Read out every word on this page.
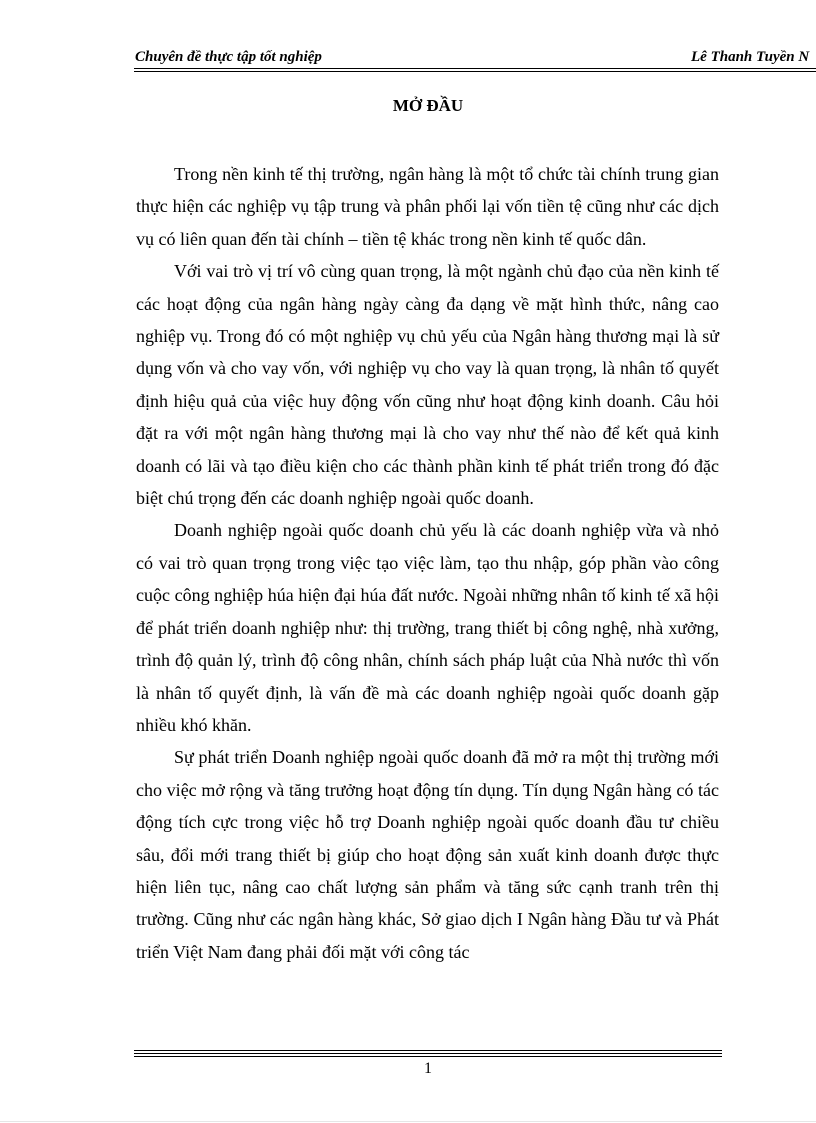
Chuyên đề thực tập tốt nghiệp	Lê Thanh Tuyền N
MỞ ĐẦU

Trong nền kinh tế thị trường, ngân hàng là một tổ chức tài chính trung gian thực hiện các nghiệp vụ tập trung và phân phối lại vốn tiền tệ cũng như các dịch vụ có liên quan đến tài chính – tiền tệ khác trong nền kinh tế quốc dân.

Với vai trò vị trí vô cùng quan trọng, là một ngành chủ đạo của nền kinh tế các hoạt động của ngân hàng ngày càng đa dạng về mặt hình thức, nâng cao nghiệp vụ. Trong đó có một nghiệp vụ chủ yếu của Ngân hàng thương mại là sử dụng vốn và cho vay vốn, với nghiệp vụ cho vay là quan trọng, là nhân tố quyết định hiệu quả của việc huy động vốn cũng như hoạt động kinh doanh. Câu hỏi đặt ra với một ngân hàng thương mại là cho vay như thế nào để kết quả kinh doanh có lãi và tạo điều kiện cho các thành phần kinh tế phát triển trong đó đặc biệt chú trọng đến các doanh nghiệp ngoài quốc doanh.

Doanh nghiệp ngoài quốc doanh chủ yếu là các doanh nghiệp vừa và nhỏ có vai trò quan trọng trong việc tạo việc làm, tạo thu nhập, góp phần vào công cuộc công nghiệp húa hiện đại húa đất nước. Ngoài những nhân tố kinh tế xã hội để phát triển doanh nghiệp như: thị trường, trang thiết bị công nghệ, nhà xưởng, trình độ quản lý, trình độ công nhân, chính sách pháp luật của Nhà nước thì vốn là nhân tố quyết định, là vấn đề mà các doanh nghiệp ngoài quốc doanh gặp nhiều khó khăn.

Sự phát triển Doanh nghiệp ngoài quốc doanh đã mở ra một thị trường mới cho việc mở rộng và tăng trưởng hoạt động tín dụng. Tín dụng Ngân hàng có tác động tích cực trong việc hỗ trợ Doanh nghiệp ngoài quốc doanh đầu tư chiều sâu, đổi mới trang thiết bị giúp cho hoạt động sản xuất kinh doanh được thực hiện liên tục, nâng cao chất lượng sản phẩm và tăng sức cạnh tranh trên thị trường. Cũng như các ngân hàng khác, Sở giao dịch I Ngân hàng Đầu tư và Phát triển Việt Nam đang phải đối mặt với công tác

1
